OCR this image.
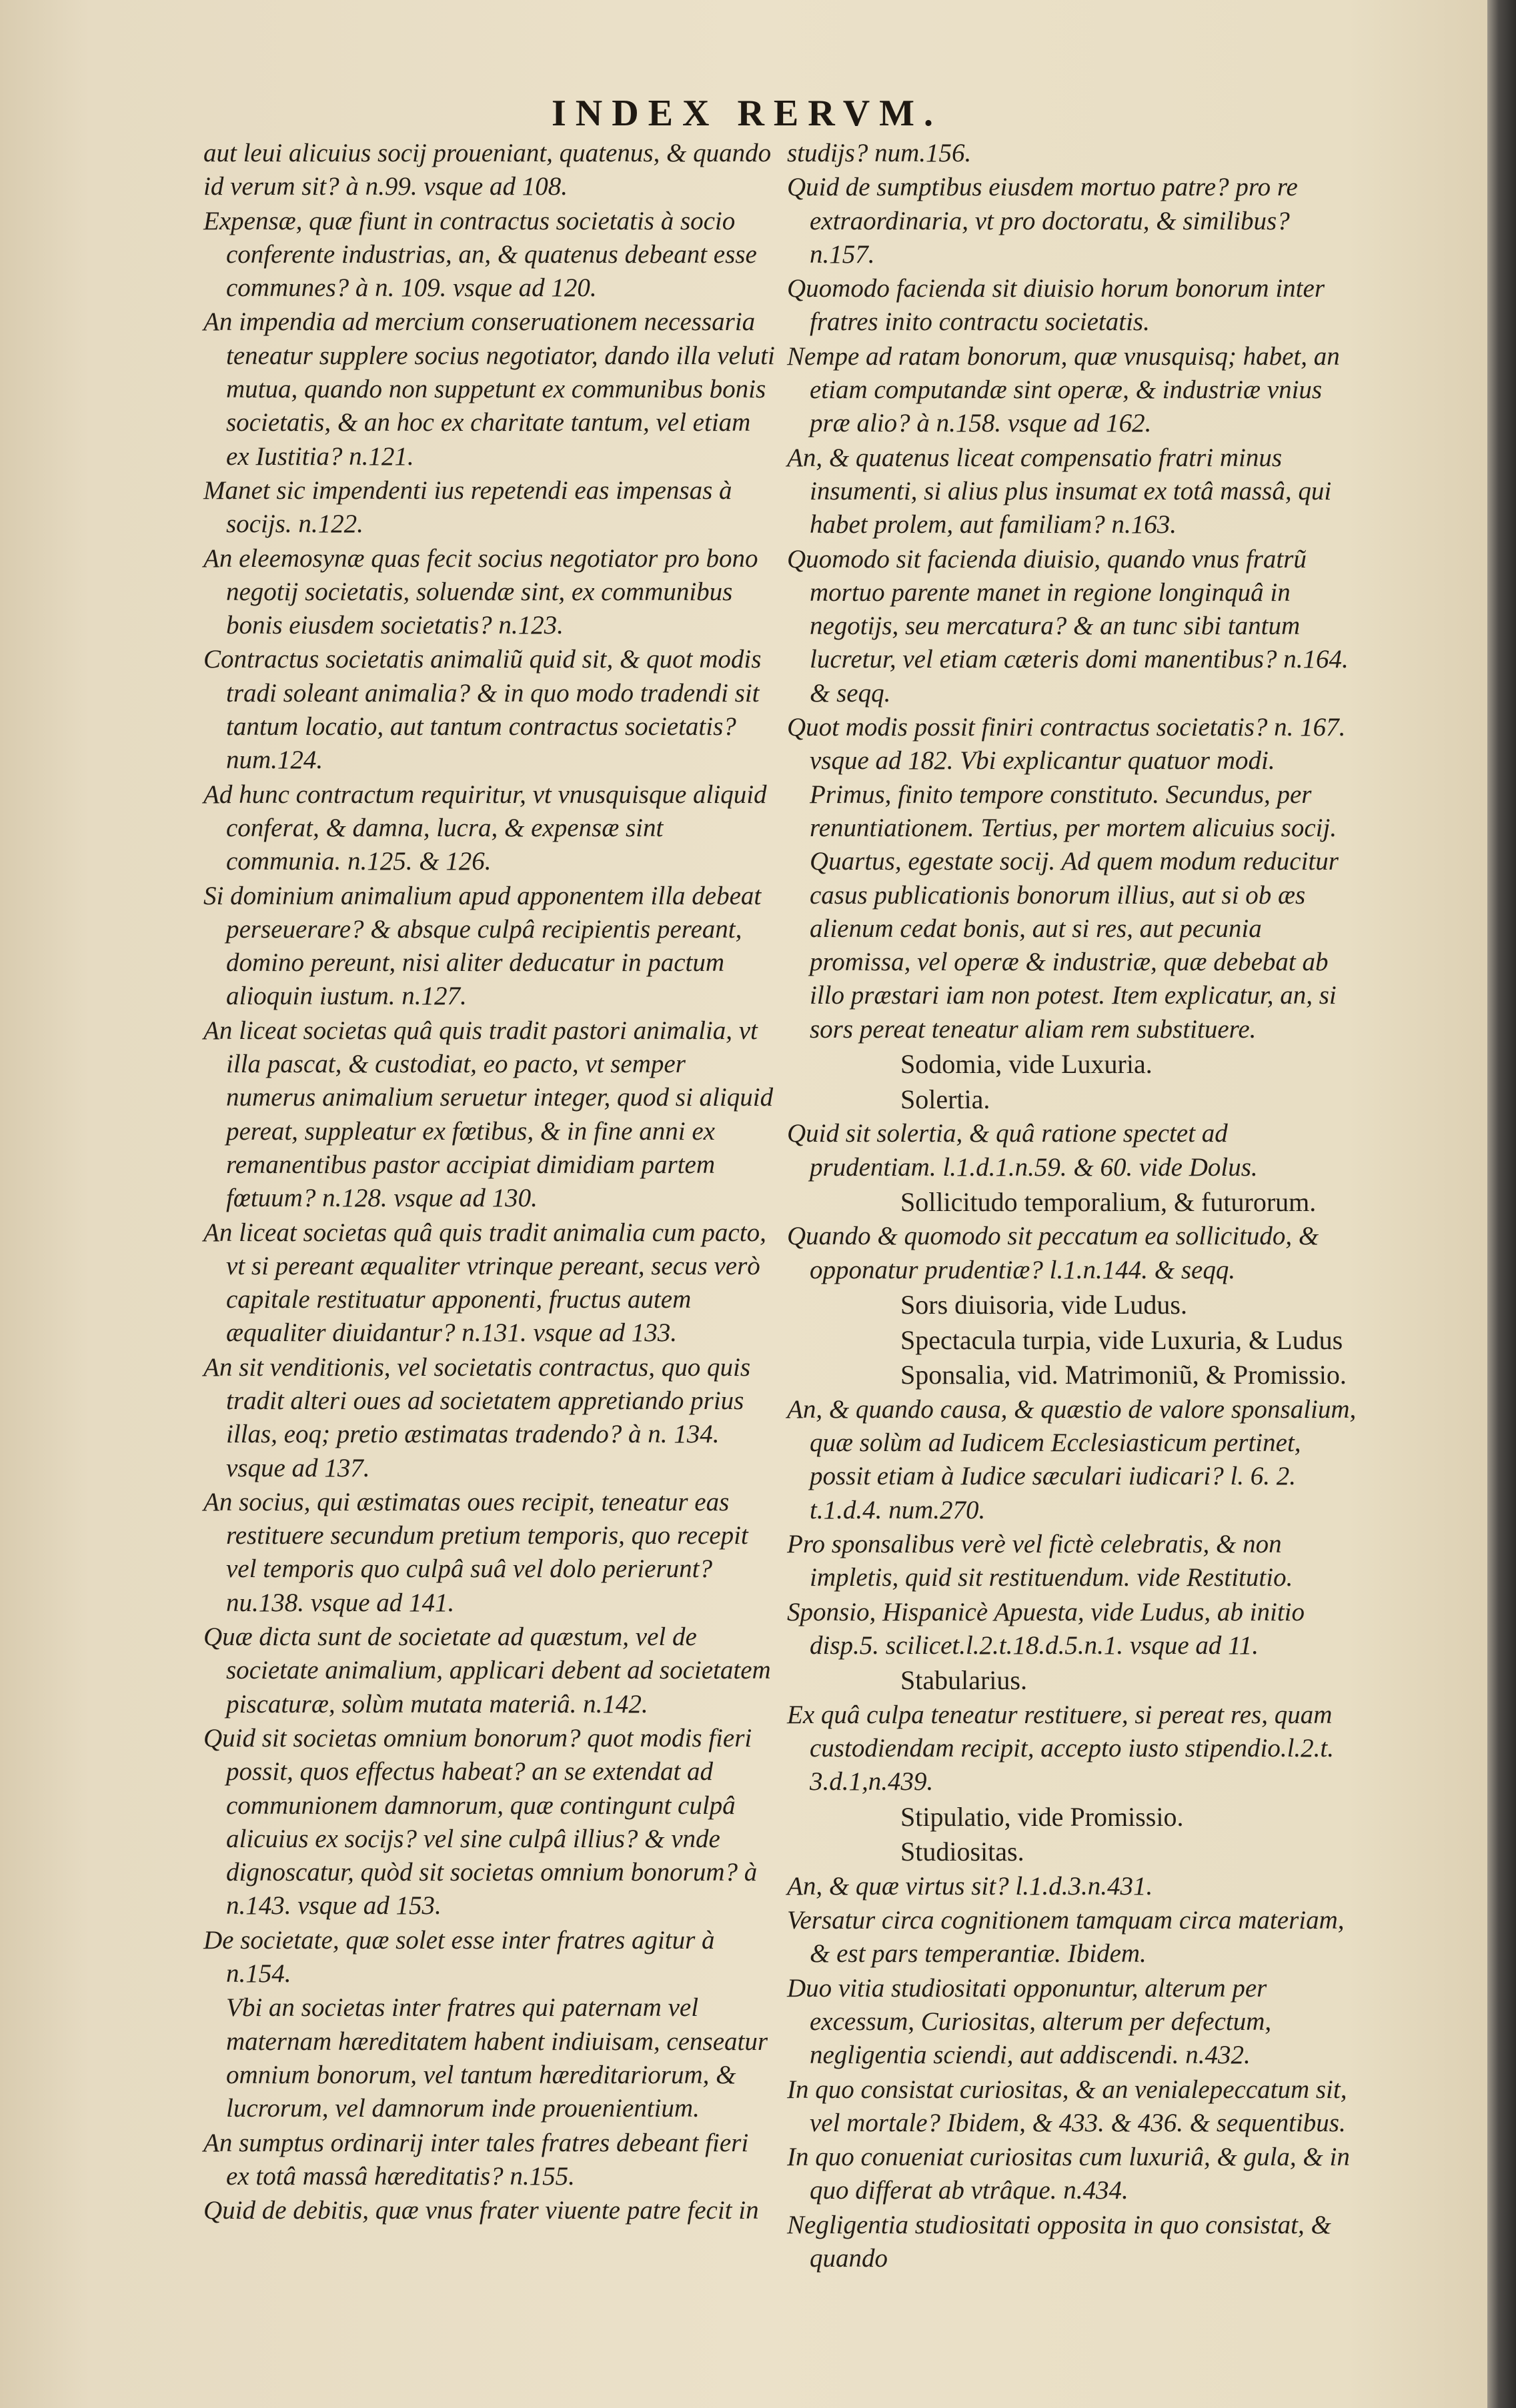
INDEX RERVM.
aut leui alicuius socij proueniant, quatenus, & quando id verum sit? à n.99. vsque ad 108.
Expensæ, quæ fiunt in contractus societatis à socio conferente industrias, an, & quatenus debeant esse communes? à n. 109. vsque ad 120.
An impendia ad mercium conseruationem necessaria teneatur supplere socius negotiator, dando illa veluti mutua, quando non suppetunt ex communibus bonis societatis, & an hoc ex charitate tantum, vel etiam ex Iustitia? n.121.
Manet sic impendenti ius repetendi eas impensas à socijs. n.122.
An eleemosynæ quas fecit socius negotiator pro bono negotij societatis, soluendæ sint, ex communibus bonis eiusdem societatis? n.123.
Contractus societatis animaliũ quid sit, & quot modis tradi soleant animalia? & in quo modo tradendi sit tantum locatio, aut tantum contractus societatis? num.124.
Ad hunc contractum requiritur, vt vnusquisque aliquid conferat, & damna, lucra, & expensæ sint communia. n.125. & 126.
Si dominium animalium apud apponentem illa debeat perseuerare? & absque culpâ recipientis pereant, domino pereunt, nisi aliter deducatur in pactum alioquin iustum. n.127.
An liceat societas quâ quis tradit pastori animalia, vt illa pascat, & custodiat, eo pacto, vt semper numerus animalium seruetur integer, quod si aliquid pereat, suppleatur ex fœtibus, & in fine anni ex remanentibus pastor accipiat dimidiam partem fœtuum? n.128. vsque ad 130.
An liceat societas quâ quis tradit animalia cum pacto, vt si pereant æqualiter vtrinque pereant, secus verò capitale restituatur apponenti, fructus autem æqualiter diuidantur? n.131. vsque ad 133.
An sit venditionis, vel societatis contractus, quo quis tradit alteri oues ad societatem appretiando prius illas, eoq; pretio æstimatas tradendo? à n. 134. vsque ad 137.
An socius, qui æstimatas oues recipit, teneatur eas restituere secundum pretium temporis, quo recepit vel temporis quo culpâ suâ vel dolo perierunt? nu.138. vsque ad 141.
Quæ dicta sunt de societate ad quæstum, vel de societate animalium, applicari debent ad societatem piscaturæ, solùm mutata materiâ. n.142.
Quid sit societas omnium bonorum? quot modis fieri possit, quos effectus habeat? an se extendat ad communionem damnorum, quæ contingunt culpâ alicuius ex socijs? vel sine culpâ illius? & vnde dignoscatur, quòd sit societas omnium bonorum? à n.143. vsque ad 153.
De societate, quæ solet esse inter fratres agitur à n.154.
Vbi an societas inter fratres qui paternam vel maternam hæreditatem habent indiuisam, censeatur omnium bonorum, vel tantum hæreditariorum, & lucrorum, vel damnorum inde prouenientium.
An sumptus ordinarij inter tales fratres debeant fieri ex totâ massâ hæreditatis? n.155.
Quid de debitis, quæ vnus frater viuente patre fecit in
studijs? num.156.
Quid de sumptibus eiusdem mortuo patre? pro re extraordinaria, vt pro doctoratu, & similibus? n.157.
Quomodo facienda sit diuisio horum bonorum inter fratres inito contractu societatis.
Nempe ad ratam bonorum, quæ vnusquisq; habet, an etiam computandæ sint operæ, & industriæ vnius præ alio? à n.158. vsque ad 162.
An, & quatenus liceat compensatio fratri minus insumenti, si alius plus insumat ex totâ massâ, qui habet prolem, aut familiam? n.163.
Quomodo sit facienda diuisio, quando vnus fratrũ mortuo parente manet in regione longinquâ in negotijs, seu mercatura? & an tunc sibi tantum lucretur, vel etiam cæteris domi manentibus? n.164. & seqq.
Quot modis possit finiri contractus societatis? n. 167. vsque ad 182. Vbi explicantur quatuor modi. Primus, finito tempore constituto. Secundus, per renuntiationem. Tertius, per mortem alicuius socij. Quartus, egestate socij. Ad quem modum reducitur casus publicationis bonorum illius, aut si ob æs alienum cedat bonis, aut si res, aut pecunia promissa, vel operæ & industriæ, quæ debebat ab illo præstari iam non potest. Item explicatur, an, si sors pereat teneatur aliam rem substituere.
Sodomia, vide Luxuria.
Solertia.
Quid sit solertia, & quâ ratione spectet ad prudentiam. l.1.d.1.n.59. & 60. vide Dolus.
Sollicitudo temporalium, & futurorum.
Quando & quomodo sit peccatum ea sollicitudo, & opponatur prudentiæ? l.1.n.144. & seqq.
Sors diuisoria, vide Ludus.
Spectacula turpia, vide Luxuria, & Ludus
Sponsalia, vid. Matrimoniũ, & Promissio.
An, & quando causa, & quæstio de valore sponsalium, quæ solùm ad Iudicem Ecclesiasticum pertinet, possit etiam à Iudice sæculari iudicari? l. 6. 2. t.1.d.4. num.270.
Pro sponsalibus verè vel fictè celebratis, & non impletis, quid sit restituendum. vide Restitutio.
Sponsio, Hispanicè Apuesta, vide Ludus, ab initio disp.5. scilicet.l.2.t.18.d.5.n.1. vsque ad 11.
Stabularius.
Ex quâ culpa teneatur restituere, si pereat res, quam custodiendam recipit, accepto iusto stipendio.l.2.t. 3.d.1,n.439.
Stipulatio, vide Promissio.
Studiositas.
An, & quæ virtus sit? l.1.d.3.n.431.
Versatur circa cognitionem tamquam circa materiam, & est pars temperantiæ. Ibidem.
Duo vitia studiositati opponuntur, alterum per excessum, Curiositas, alterum per defectum, negligentia sciendi, aut addiscendi. n.432.
In quo consistat curiositas, & an venialepeccatum sit, vel mortale? Ibidem, & 433. & 436. & sequentibus.
In quo conueniat curiositas cum luxuriâ, & gula, & in quo differat ab vtrâque. n.434.
Negligentia studiositati opposita in quo consistat, & quando
